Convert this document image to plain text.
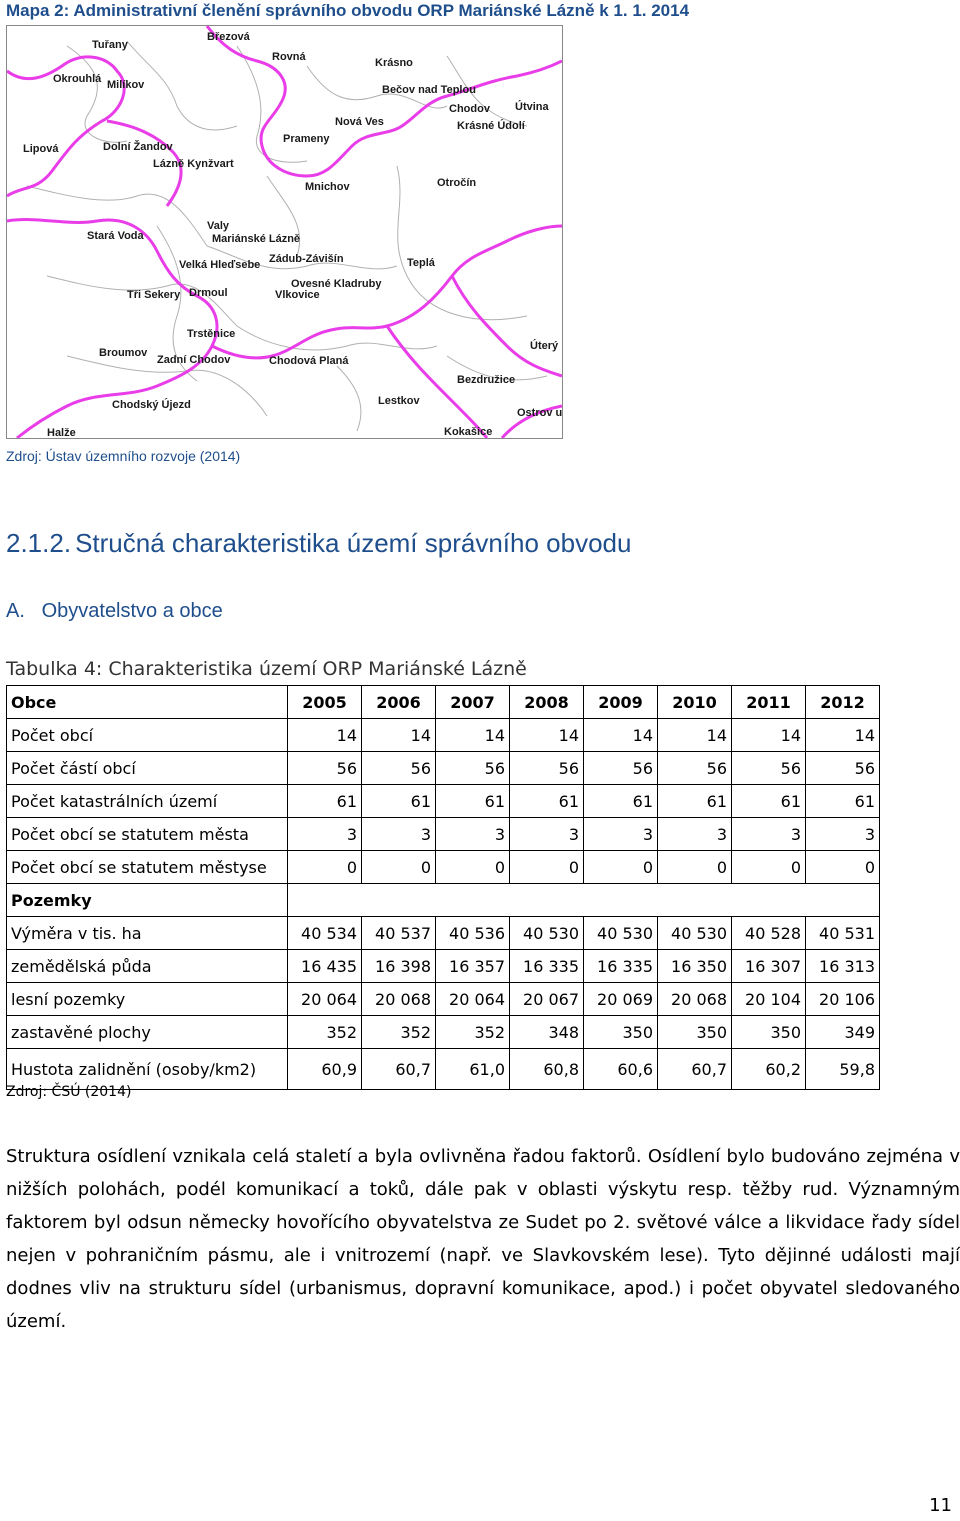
Mapa 2: Administrativní členění správního obvodu ORP Mariánské Lázně k 1. 1. 2014
Tuřany
Březová
Rovná	Krásno
Okrouhlá Milíkov	Bečov nad Teplou
Útvina
Chodov
Krásné Údolí
Nová Ves
Prameny
Lipová	Dolní Žandov
Lázně Kynžvart
Otročín
Mnichov
Valy
Stará Voda	Mariánské Lázně
Zádub-Závišín
Velká Hleďsebe	Teplá
Ovesné Kladruby
Tři Sekery Drmoul	Vlkovice
Trstěnice
Úterý
Broumov
Zadní Chodov	Chodová Planá
Bezdružice
Chodský Újezd	Lestkov
Ostrov u
Halže	Kokašice
Zdroj: Ústav územního rozvoje (2014)
2.1.2. Stručná charakteristika území správního obvodu
A. Obyvatelstvo a obce
Tabulka 4: Charakteristika území ORP Mariánské Lázně
Obce	2005	2006	2007	2008	2009	2010	2011	2012
Počet obcí	14	14	14	14	14	14	14	14
Počet částí obcí	56	56	56	56	56	56	56	56
Počet katastrálních území	61	61	61	61	61	61	61	61
Počet obcí se statutem města	3	3	3	3	3	3	3	3
Počet obcí se statutem městyse	0	0	0	0	0	0	0	0
Pozemky								
Výměra v tis. ha	40 534	40 537	40 536	40 530	40 530	40 530	40 528	40 531
zemědělská půda	16 435	16 398	16 357	16 335	16 335	16 350	16 307	16 313
lesní pozemky	20 064	20 068	20 064	20 067	20 069	20 068	20 104	20 106
zastavěné plochy	352	352	352	348	350	350	350	349
Hustota zalidnění (osoby/km2)	60,9	60,7	61,0	60,8	60,6	60,7	60,2	59,8
Zdroj: ČSÚ (2014)
Struktura osídlení vznikala celá staletí a byla ovlivněna řadou faktorů. Osídlení bylo budováno zejména v nižších polohách, podél komunikací a toků, dále pak v oblasti výskytu resp. těžby rud. Významným faktorem byl odsun německy hovořícího obyvatelstva ze Sudet po 2. světové válce a likvidace řady sídel nejen v pohraničním pásmu, ale i vnitrozemí (např. ve Slavkovském lese). Tyto dějinné události mají dodnes vliv na strukturu sídel (urbanismus, dopravní komunikace, apod.) i počet obyvatel sledovaného území.
11
